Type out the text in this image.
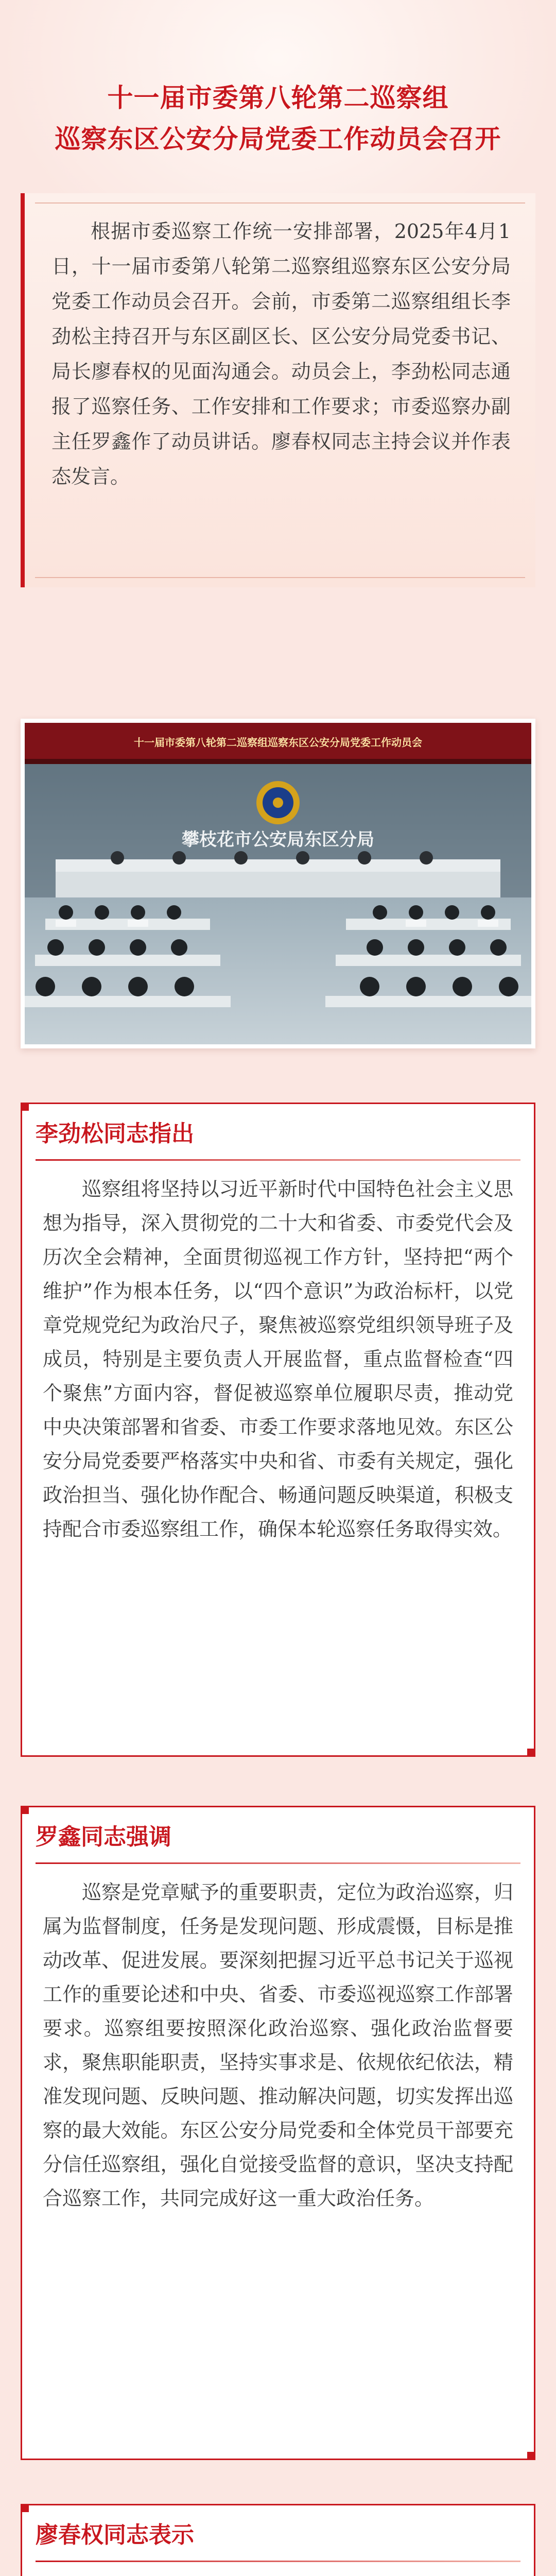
十一届市委第八轮第二巡察组
巡察东区公安分局党委工作动员会召开

根据市委巡察工作统一安排部署，2025年4月1日，十一届市委第八轮第二巡察组巡察东区公安分局党委工作动员会召开。会前，市委第二巡察组组长李劲松主持召开与东区副区长、区公安分局党委书记、局长廖春权的见面沟通会。动员会上，李劲松同志通报了巡察任务、工作安排和工作要求；市委巡察办副主任罗鑫作了动员讲话。廖春权同志主持会议并作表态发言。

十一届市委第八轮第二巡察组巡察东区公安分局党委工作动员会
攀枝花市公安局东区分局
李劲松同志指出

巡察组将坚持以习近平新时代中国特色社会主义思想为指导，深入贯彻党的二十大和省委、市委党代会及历次全会精神，全面贯彻巡视工作方针，坚持把“两个维护”作为根本任务，以“四个意识”为政治标杆，以党章党规党纪为政治尺子，聚焦被巡察党组织领导班子及成员，特别是主要负责人开展监督，重点监督检查“四个聚焦”方面内容，督促被巡察单位履职尽责，推动党中央决策部署和省委、市委工作要求落地见效。东区公安分局党委要严格落实中央和省、市委有关规定，强化政治担当、强化协作配合、畅通问题反映渠道，积极支持配合市委巡察组工作，确保本轮巡察任务取得实效。

罗鑫同志强调

巡察是党章赋予的重要职责，定位为政治巡察，归属为监督制度，任务是发现问题、形成震慑，目标是推动改革、促进发展。要深刻把握习近平总书记关于巡视工作的重要论述和中央、省委、市委巡视巡察工作部署要求。巡察组要按照深化政治巡察、强化政治监督要求，聚焦职能职责，坚持实事求是、依规依纪依法，精准发现问题、反映问题、推动解决问题，切实发挥出巡察的最大效能。东区公安分局党委和全体党员干部要充分信任巡察组，强化自觉接受监督的意识，坚决支持配合巡察工作，共同完成好这一重大政治任务。

廖春权同志表示
